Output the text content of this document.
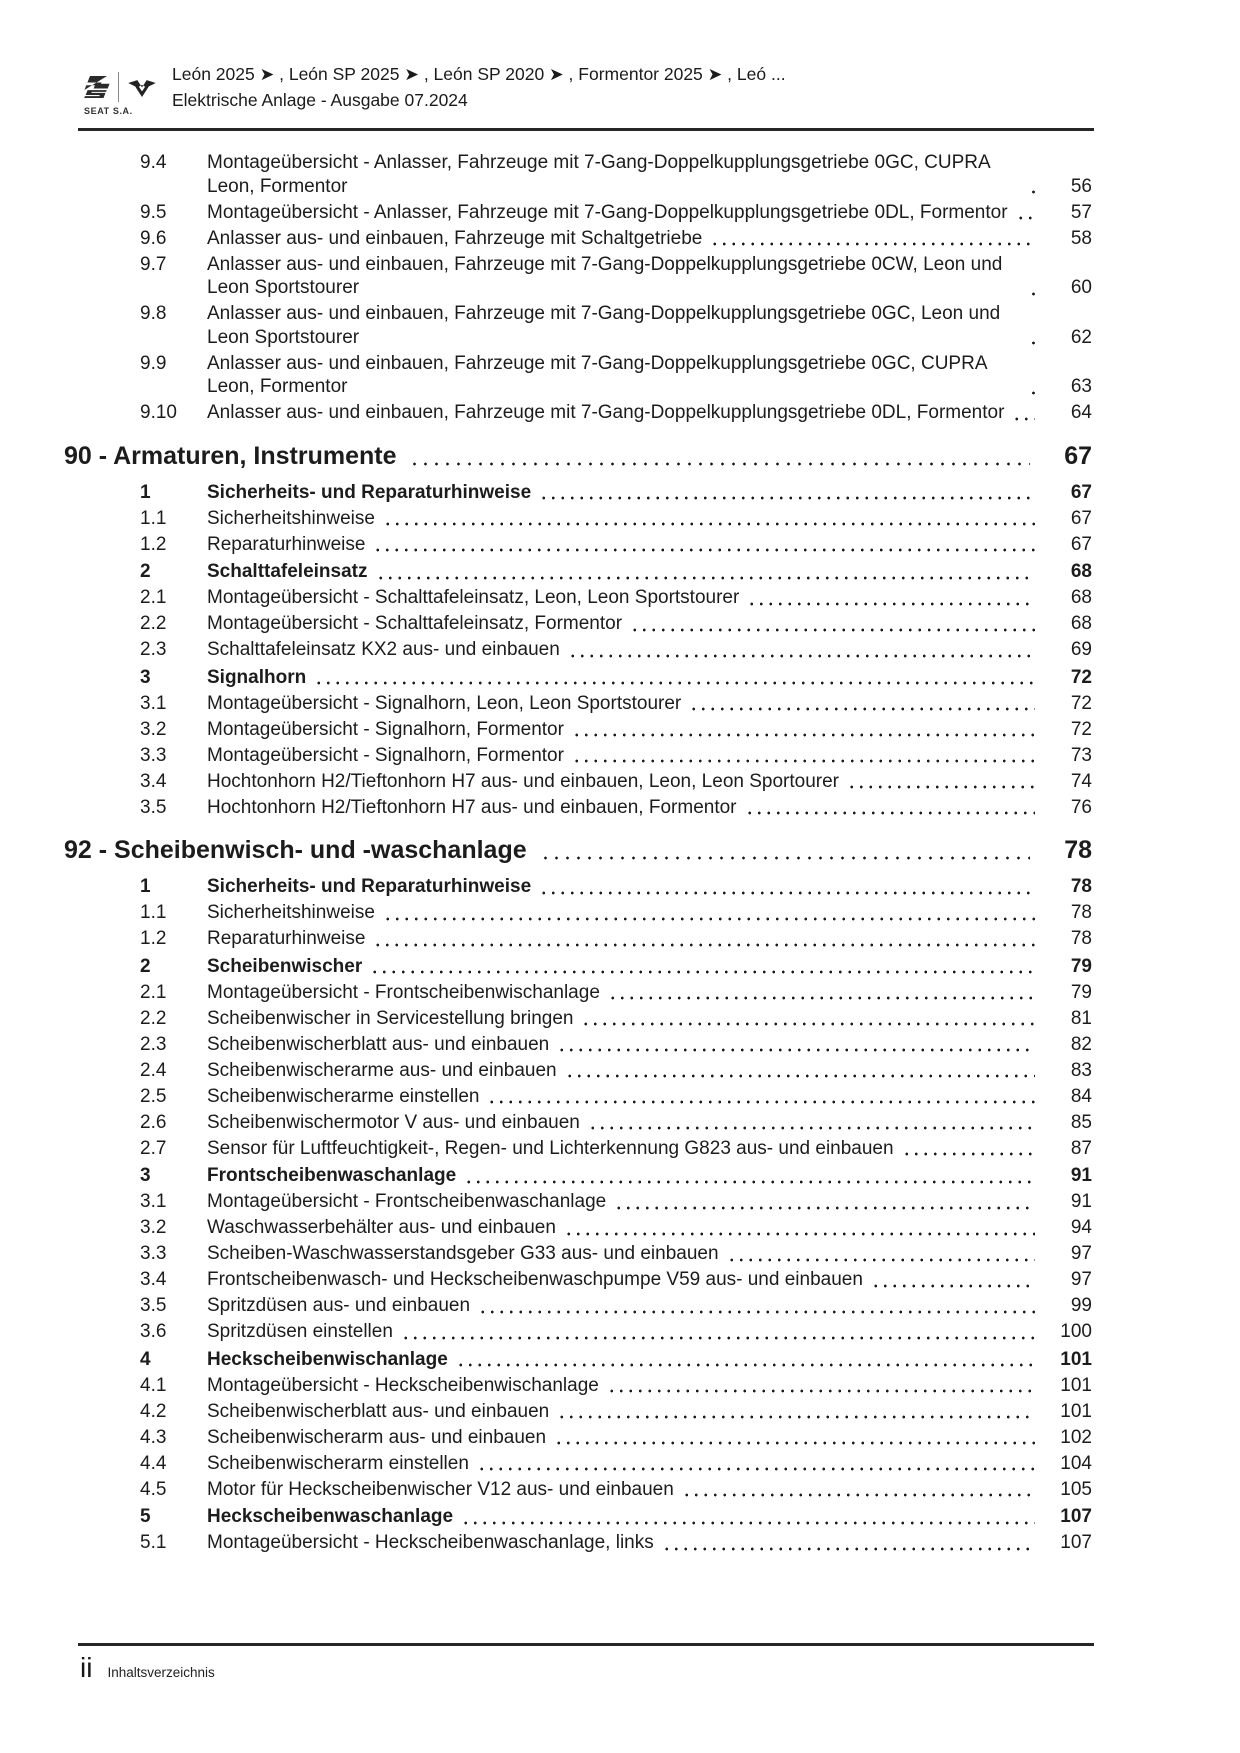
SEAT S.A.
León 2025 ➤ , León SP 2025 ➤ , León SP 2020 ➤ , Formentor 2025 ➤ , Leó ...
Elektrische Anlage - Ausgabe 07.2024
9.4	Montageübersicht - Anlasser, Fahrzeuge mit 7-Gang-Doppelkupplungsgetriebe 0GC, CUPRA Leon, Formentor	56
9.5	Montageübersicht - Anlasser, Fahrzeuge mit 7-Gang-Doppelkupplungsgetriebe 0DL, Formentor	57
9.6	Anlasser aus- und einbauen, Fahrzeuge mit Schaltgetriebe	58
9.7	Anlasser aus- und einbauen, Fahrzeuge mit 7-Gang-Doppelkupplungsgetriebe 0CW, Leon und Leon Sportstourer	60
9.8	Anlasser aus- und einbauen, Fahrzeuge mit 7-Gang-Doppelkupplungsgetriebe 0GC, Leon und Leon Sportstourer	62
9.9	Anlasser aus- und einbauen, Fahrzeuge mit 7-Gang-Doppelkupplungsgetriebe 0GC, CUPRA Leon, Formentor	63
9.10	Anlasser aus- und einbauen, Fahrzeuge mit 7-Gang-Doppelkupplungsgetriebe 0DL, Formentor	64
90 - Armaturen, Instrumente	67
1	Sicherheits- und Reparaturhinweise	67
1.1	Sicherheitshinweise	67
1.2	Reparaturhinweise	67
2	Schalttafeleinsatz	68
2.1	Montageübersicht - Schalttafeleinsatz, Leon, Leon Sportstourer	68
2.2	Montageübersicht - Schalttafeleinsatz, Formentor	68
2.3	Schalttafeleinsatz KX2 aus- und einbauen	69
3	Signalhorn	72
3.1	Montageübersicht - Signalhorn, Leon, Leon Sportstourer	72
3.2	Montageübersicht - Signalhorn, Formentor	72
3.3	Montageübersicht - Signalhorn, Formentor	73
3.4	Hochtonhorn H2/Tieftonhorn H7 aus- und einbauen, Leon, Leon Sportourer	74
3.5	Hochtonhorn H2/Tieftonhorn H7 aus- und einbauen, Formentor	76
92 - Scheibenwisch- und -waschanlage	78
1	Sicherheits- und Reparaturhinweise	78
1.1	Sicherheitshinweise	78
1.2	Reparaturhinweise	78
2	Scheibenwischer	79
2.1	Montageübersicht - Frontscheibenwischanlage	79
2.2	Scheibenwischer in Servicestellung bringen	81
2.3	Scheibenwischerblatt aus- und einbauen	82
2.4	Scheibenwischerarme aus- und einbauen	83
2.5	Scheibenwischerarme einstellen	84
2.6	Scheibenwischermotor V aus- und einbauen	85
2.7	Sensor für Luftfeuchtigkeit-, Regen- und Lichterkennung G823 aus- und einbauen	87
3	Frontscheibenwaschanlage	91
3.1	Montageübersicht - Frontscheibenwaschanlage	91
3.2	Waschwasserbehälter aus- und einbauen	94
3.3	Scheiben-Waschwasserstandsgeber G33 aus- und einbauen	97
3.4	Frontscheibenwasch- und Heckscheibenwaschpumpe V59 aus- und einbauen	97
3.5	Spritzdüsen aus- und einbauen	99
3.6	Spritzdüsen einstellen	100
4	Heckscheibenwischanlage	101
4.1	Montageübersicht - Heckscheibenwischanlage	101
4.2	Scheibenwischerblatt aus- und einbauen	101
4.3	Scheibenwischerarm aus- und einbauen	102
4.4	Scheibenwischerarm einstellen	104
4.5	Motor für Heckscheibenwischer V12 aus- und einbauen	105
5	Heckscheibenwaschanlage	107
5.1	Montageübersicht - Heckscheibenwaschanlage, links	107
ii Inhaltsverzeichnis
